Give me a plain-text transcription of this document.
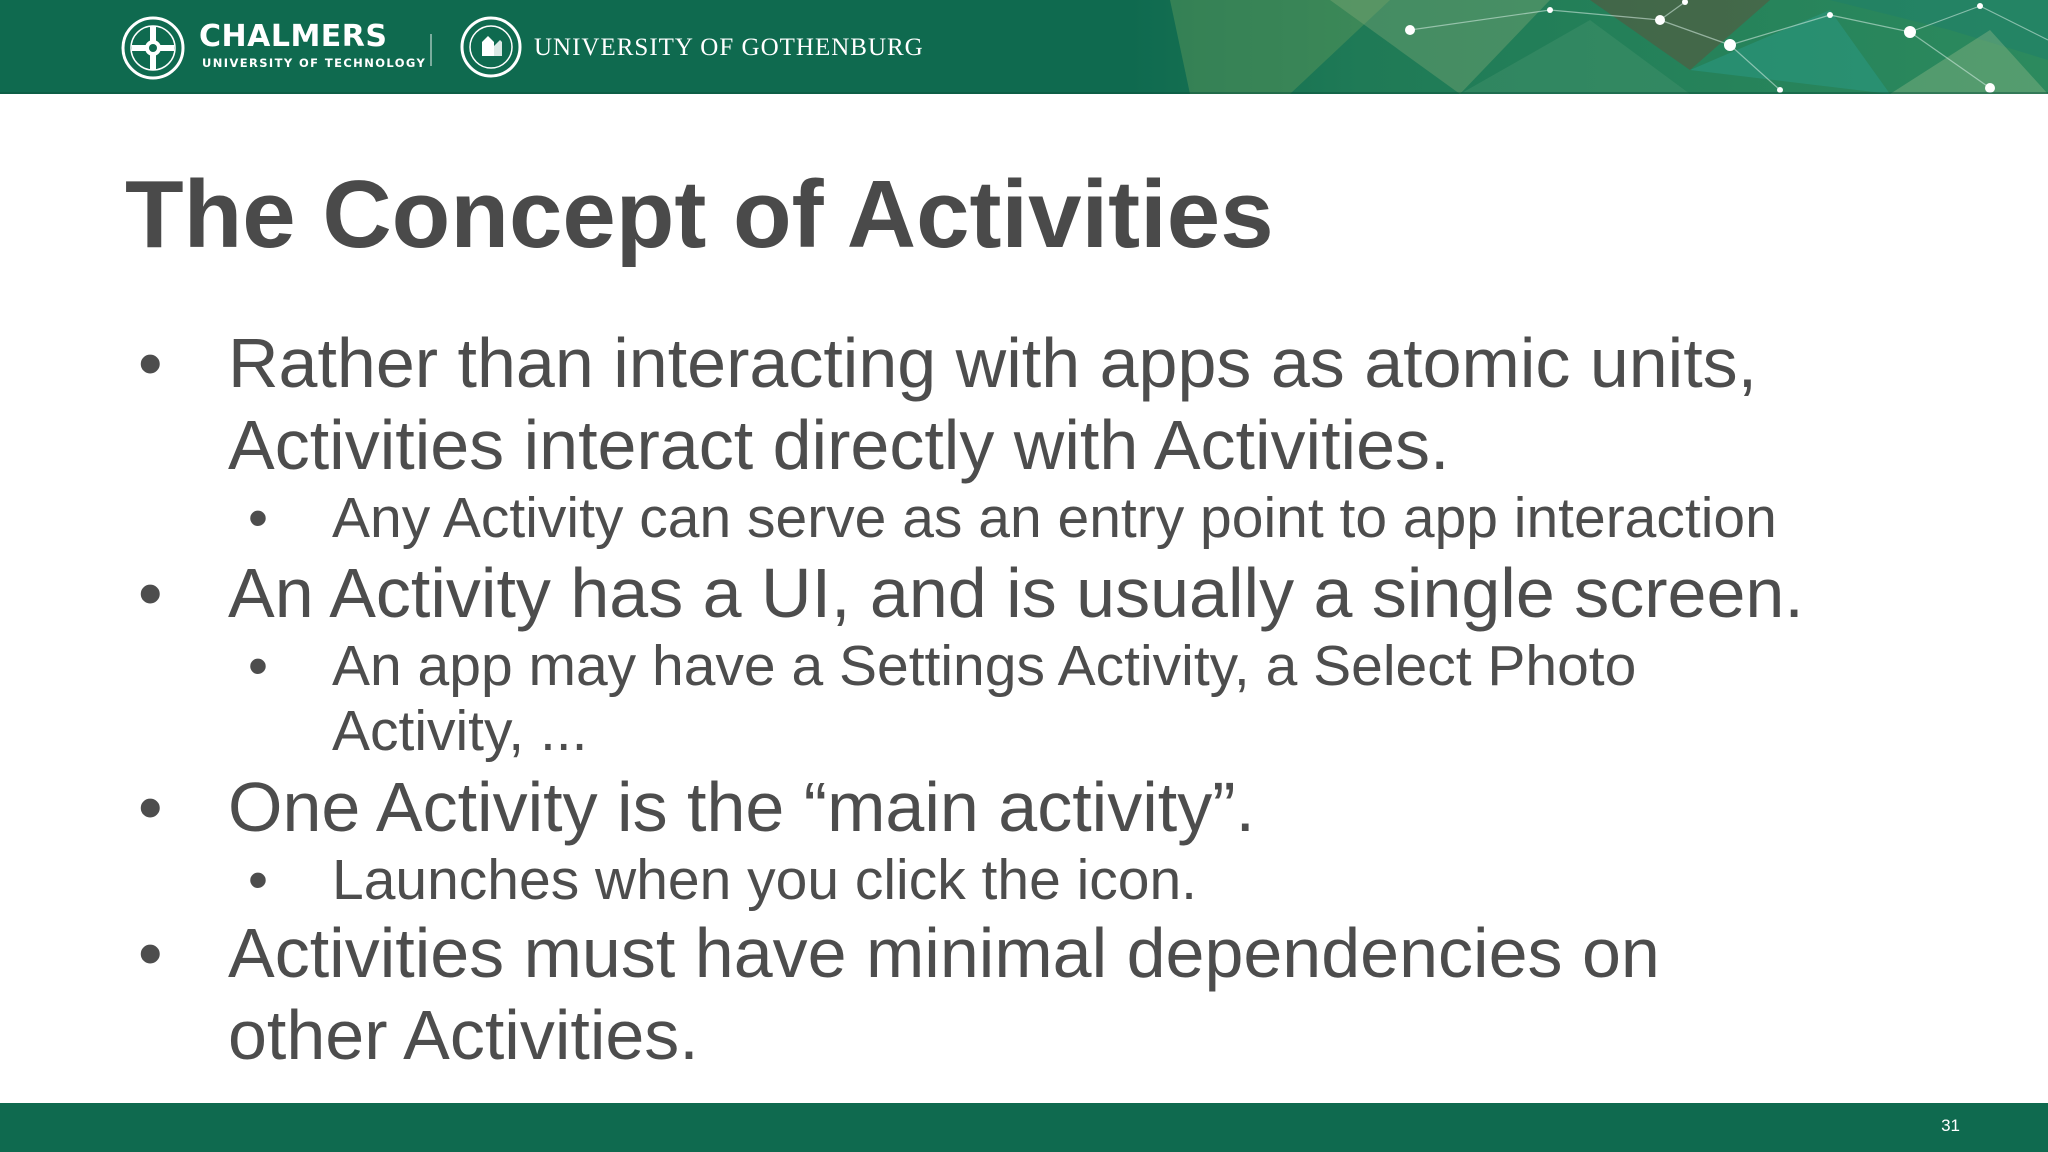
CHALMERS
UNIVERSITY OF TECHNOLOGY
UNIVERSITY OF GOTHENBURG
The Concept of Activities
• Rather than interacting with apps as atomic units,
Activities interact directly with Activities.
• Any Activity can serve as an entry point to app interaction
• An Activity has a UI, and is usually a single screen.
• An app may have a Settings Activity, a Select Photo
Activity, ...
• One Activity is the “main activity”.
• Launches when you click the icon.
• Activities must have minimal dependencies on
other Activities.
31
